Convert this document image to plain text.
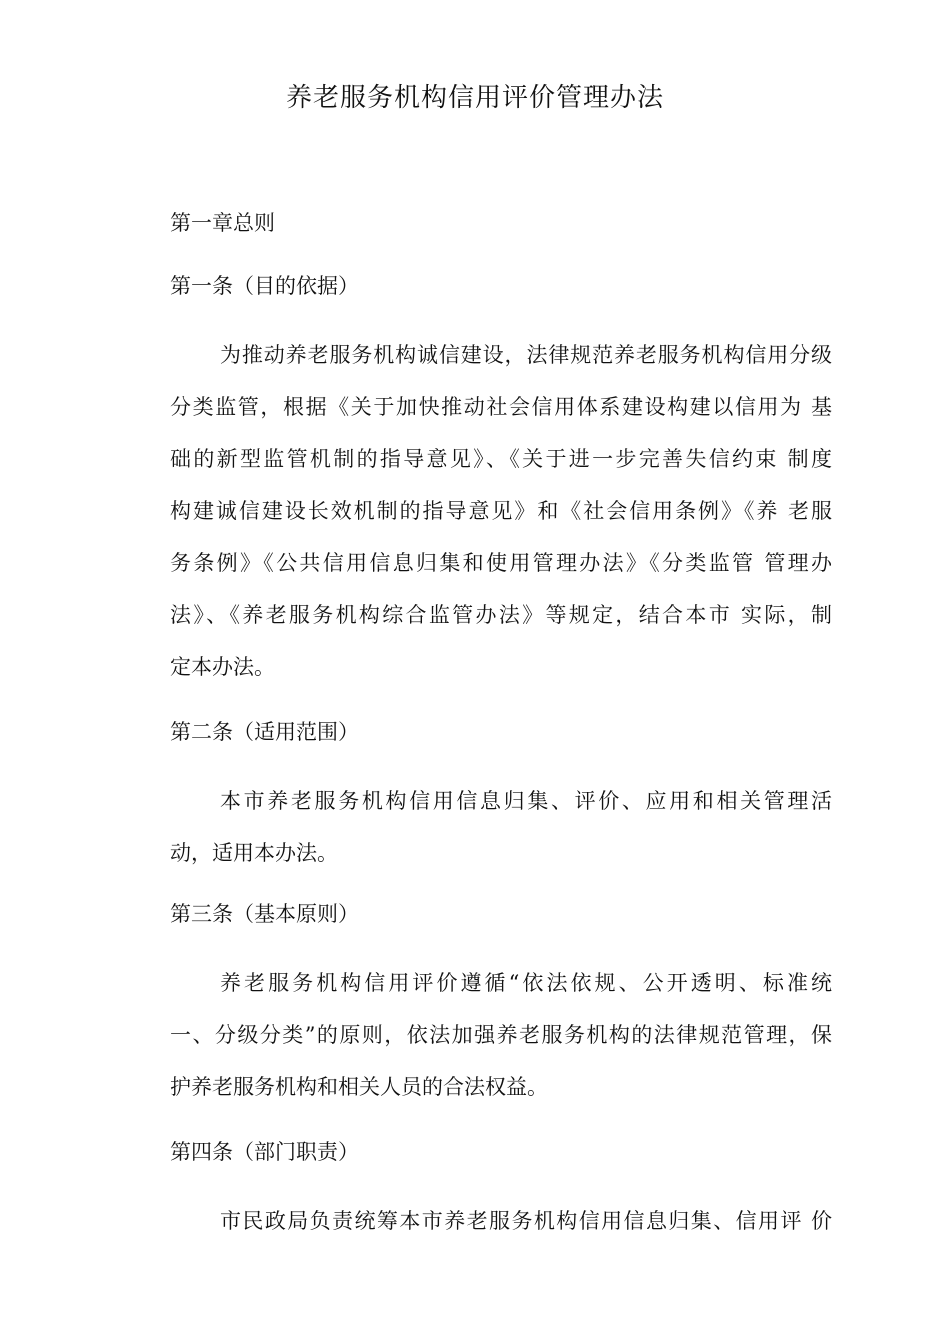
养老服务机构信用评价管理办法
第一章总则
第一条（目的依据）
为推动养老服务机构诚信建设，法律规范养老服务机构信用分级
分类监管，根据《关于加快推动社会信用体系建设构建以信用为 基
础的新型监管机制的指导意见》、《关于进一步完善失信约束 制度
构建诚信建设长效机制的指导意见》和《社会信用条例》《养 老服
务条例》《公共信用信息归集和使用管理办法》《分类监管 管理办
法》、《养老服务机构综合监管办法》等规定，结合本市 实际，制
定本办法。
第二条（适用范围）
本市养老服务机构信用信息归集、评价、应用和相关管理活
动，适用本办法。
第三条（基本原则）
养老服务机构信用评价遵循“依法依规、公开透明、标准统
一、分级分类”的原则，依法加强养老服务机构的法律规范管理，保
护养老服务机构和相关人员的合法权益。
第四条（部门职责）
市民政局负责统筹本市养老服务机构信用信息归集、信用评 价
